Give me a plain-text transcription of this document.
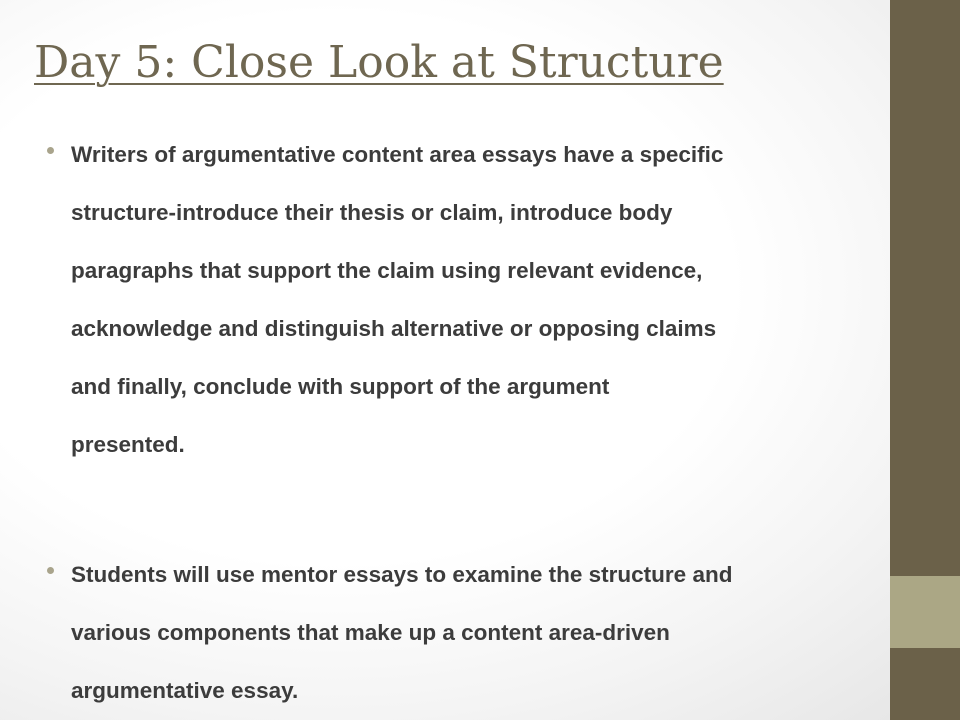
Day 5: Close Look at Structure
Writers of argumentative content area essays have a specific
structure-introduce their thesis or claim, introduce body
paragraphs that support the claim using relevant evidence,
acknowledge and distinguish alternative or opposing claims
and finally, conclude with support of the argument
presented.
Students will use mentor essays to examine the structure and
various components that make up a content area-driven
argumentative essay.
